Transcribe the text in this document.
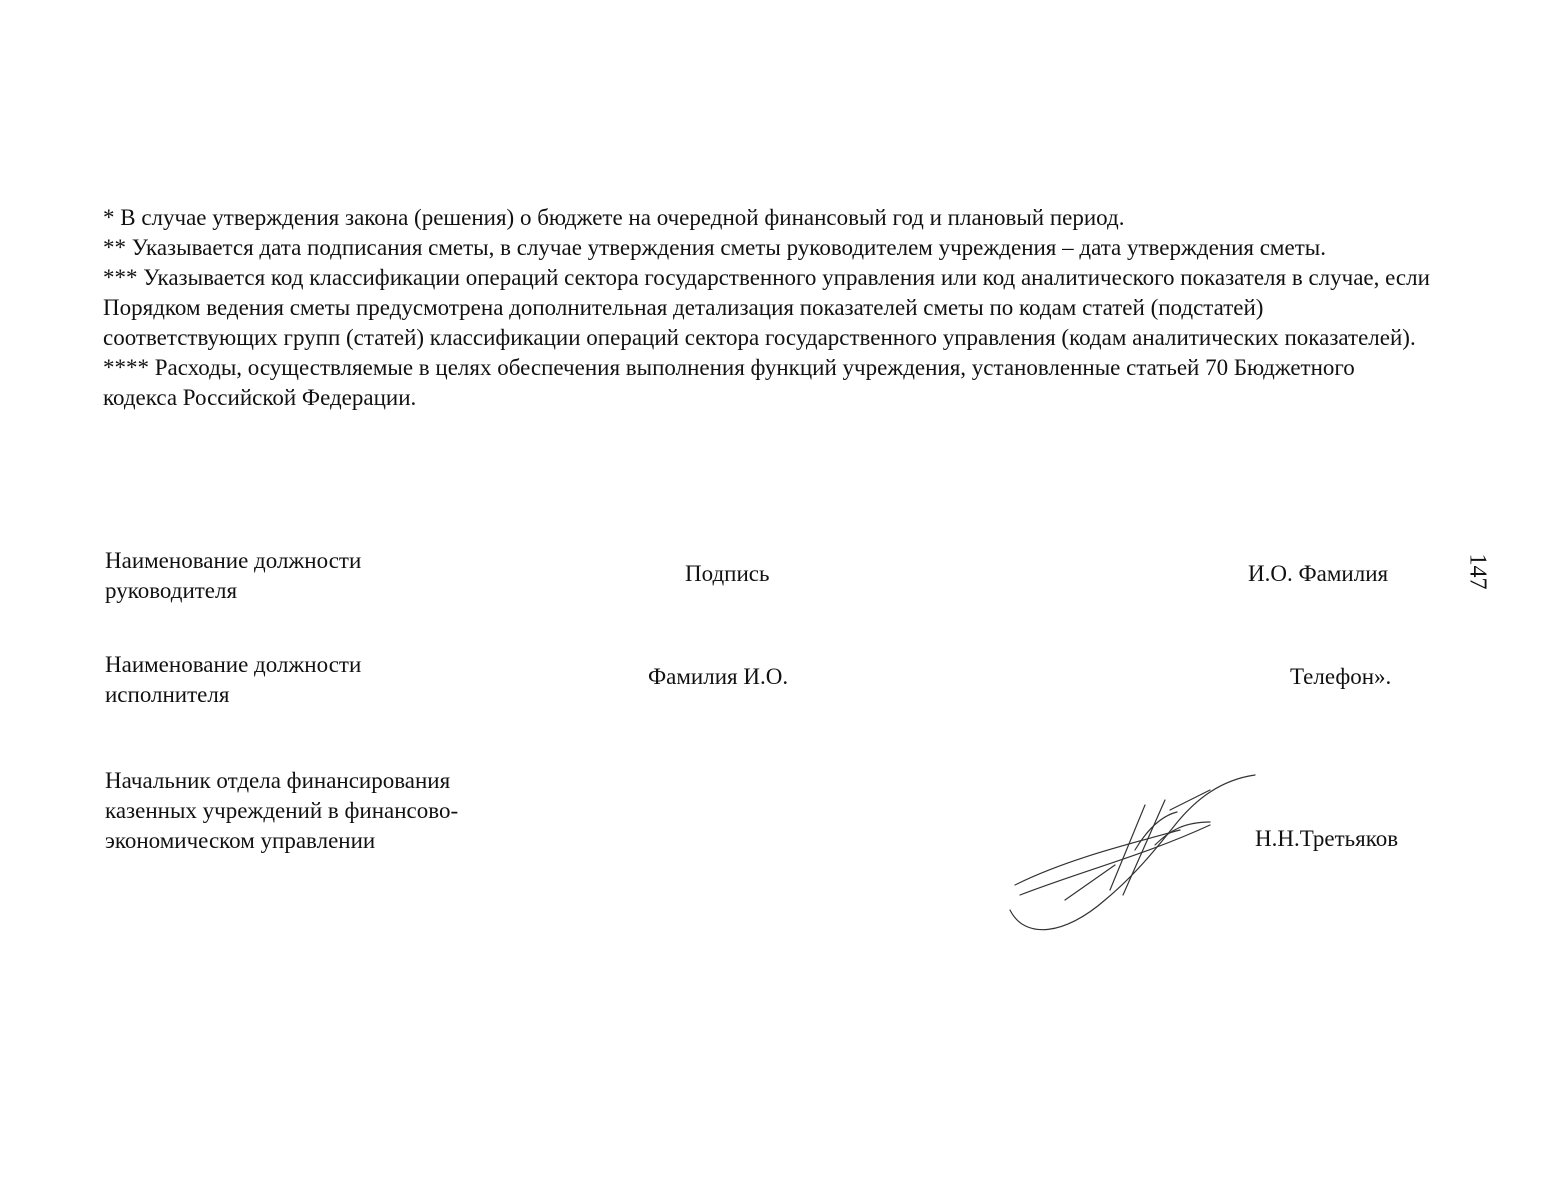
* В случае утверждения закона (решения) о бюджете на очередной финансовый год и плановый период.

** Указывается дата подписания сметы, в случае утверждения сметы руководителем учреждения – дата утверждения сметы.

*** Указывается код классификации операций сектора государственного управления или код аналитического показателя в случае, если Порядком ведения сметы предусмотрена дополнительная детализация показателей сметы по кодам статей (подстатей) соответствующих групп (статей) классификации операций сектора государственного управления (кодам аналитических показателей).

**** Расходы, осуществляемые в целях обеспечения выполнения функций учреждения, установленные статьей 70 Бюджетного кодекса Российской Федерации.

147
Наименование должности
руководителя
Подпись	И.О. Фамилия
Наименование должности
исполнителя
Фамилия И.О.	Телефон».
Начальник отдела финансирования
казенных учреждений в финансово-
экономическом управлении	Н.Н.Третьяков
